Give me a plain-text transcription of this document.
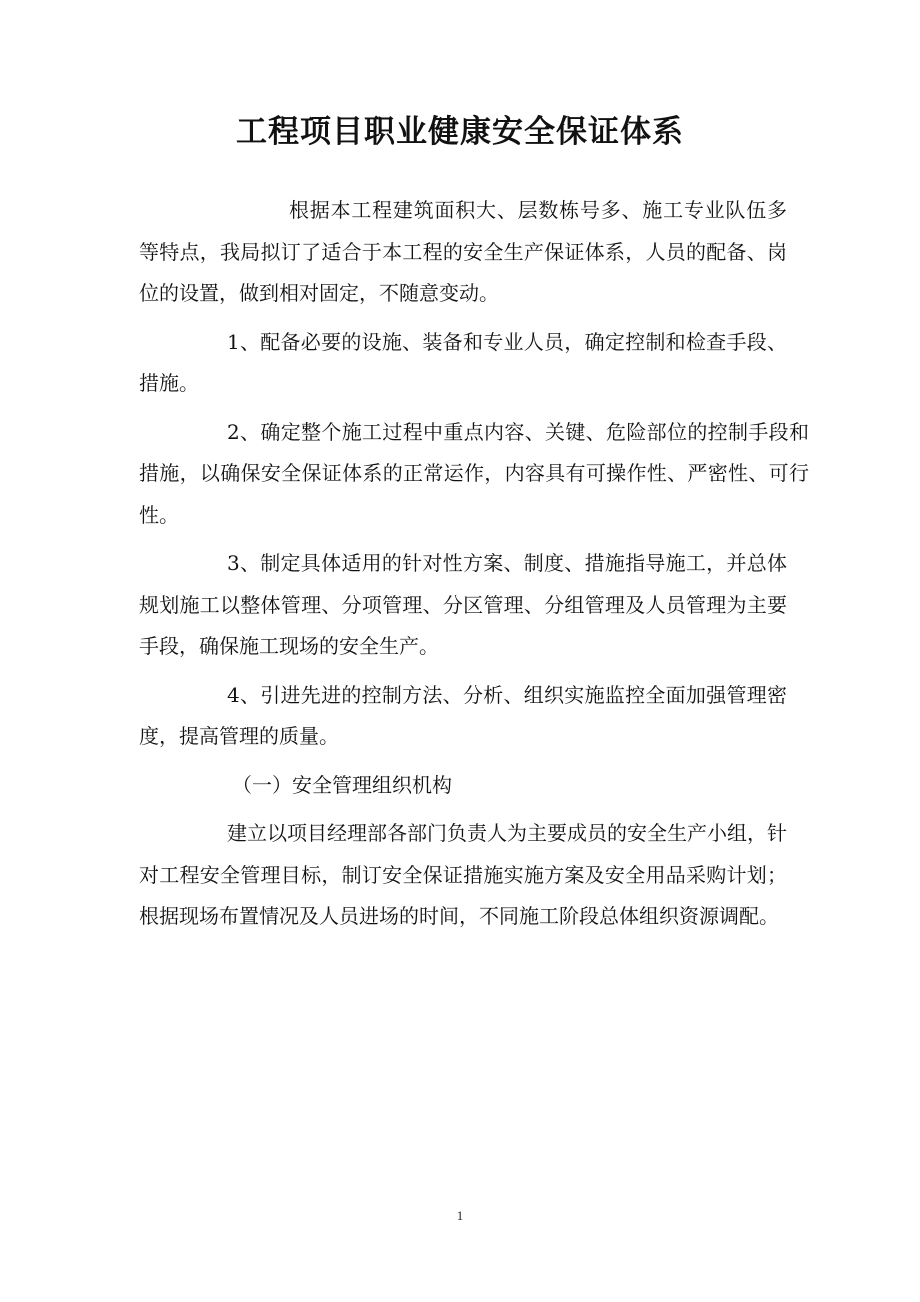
工程项目职业健康安全保证体系

根据本工程建筑面积大、层数栋号多、施工专业队伍多等特点，我局拟订了适合于本工程的安全生产保证体系，人员的配备、岗位的设置，做到相对固定，不随意变动。

1、配备必要的设施、装备和专业人员，确定控制和检查手段、措施。

2、确定整个施工过程中重点内容、关键、危险部位的控制手段和措施，以确保安全保证体系的正常运作，内容具有可操作性、严密性、可行性。

3、制定具体适用的针对性方案、制度、措施指导施工，并总体规划施工以整体管理、分项管理、分区管理、分组管理及人员管理为主要手段，确保施工现场的安全生产。

4、引进先进的控制方法、分析、组织实施监控全面加强管理密度，提高管理的质量。

（一）安全管理组织机构

建立以项目经理部各部门负责人为主要成员的安全生产小组，针对工程安全管理目标，制订安全保证措施实施方案及安全用品采购计划；根据现场布置情况及人员进场的时间，不同施工阶段总体组织资源调配。

1
